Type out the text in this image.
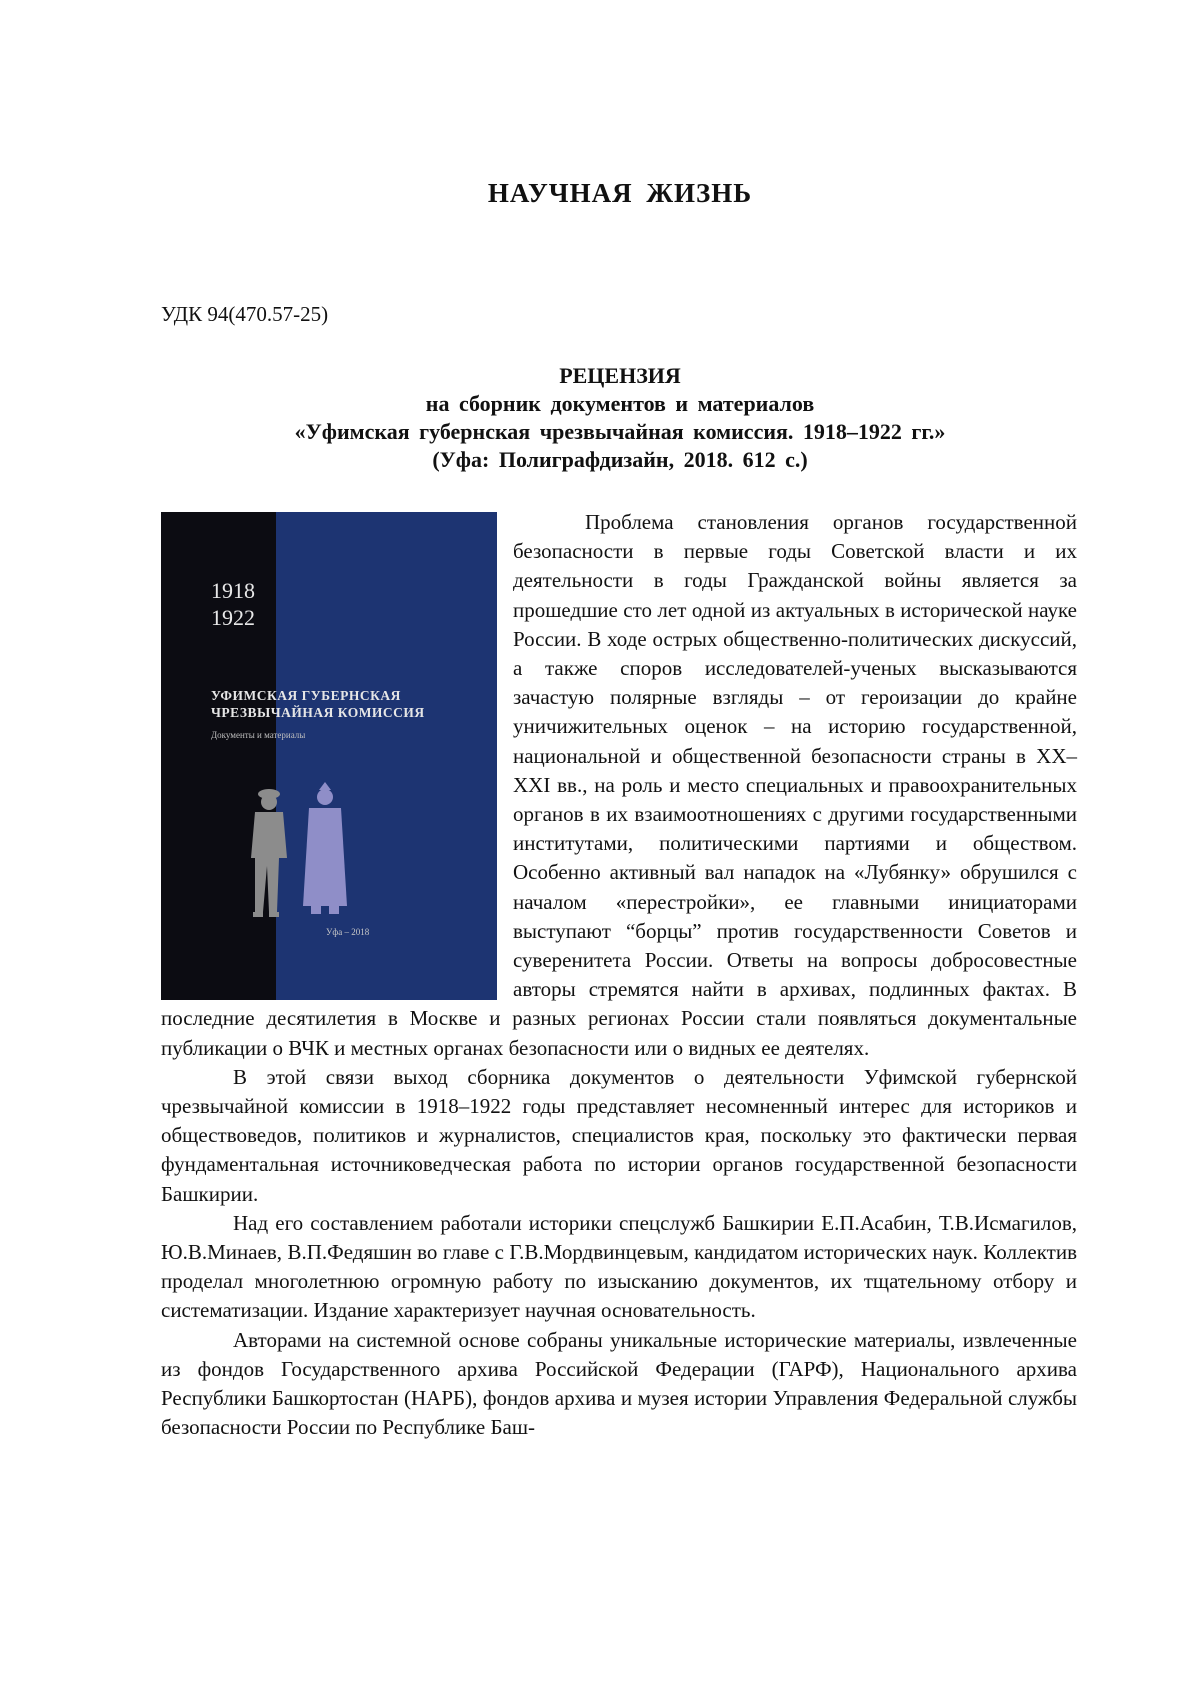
НАУЧНАЯ ЖИЗНЬ
УДК 94(470.57-25)
РЕЦЕНЗИЯ
на сборник документов и материалов
«Уфимская губернская чрезвычайная комиссия. 1918–1922 гг.»
(Уфа: Полиграфдизайн, 2018. 612 с.)
1918
1922
УФИМСКАЯ ГУБЕРНСКАЯ
ЧРЕЗВЫЧАЙНАЯ КОМИССИЯ
Документы и материалы
Уфа – 2018

Проблема становления органов государственной безопасности в первые годы Советской власти и их деятельности в годы Гражданской войны является за прошедшие сто лет одной из актуальных в исторической науке России. В ходе острых общественно-политических дискуссий, а также споров исследователей-ученых высказываются зачастую полярные взгляды – от героизации до крайне уничижительных оценок – на историю государственной, национальной и общественной безопасности страны в XX–XXI вв., на роль и место специальных и правоохранительных органов в их взаимоотношениях с другими государственными институтами, политическими партиями и обществом. Особенно активный вал нападок на «Лубянку» обрушился с началом «перестройки», ее главными инициаторами выступают “борцы” против государственности Советов и суверенитета России. Ответы на вопросы добросовестные авторы стремятся найти в архивах, подлинных фактах. В последние десятилетия в Москве и разных регионах России стали появляться документальные публикации о ВЧК и местных органах безопасности или о видных ее деятелях.

В этой связи выход сборника документов о деятельности Уфимской губернской чрезвычайной комиссии в 1918–1922 годы представляет несомненный интерес для историков и обществоведов, политиков и журналистов, специалистов края, поскольку это фактически первая фундаментальная источниковедческая работа по истории органов государственной безопасности Башкирии.

Над его составлением работали историки спецслужб Башкирии Е.П.Асабин, Т.В.Исмагилов, Ю.В.Минаев, В.П.Федяшин во главе с Г.В.Мордвинцевым, кандидатом исторических наук. Коллектив проделал многолетнюю огромную работу по изысканию документов, их тщательному отбору и систематизации. Издание характеризует научная основательность.

Авторами на системной основе собраны уникальные исторические материалы, извлеченные из фондов Государственного архива Российской Федерации (ГАРФ), Национального архива Республики Башкортостан (НАРБ), фондов архива и музея истории Управления Федеральной службы безопасности России по Республике Баш-
